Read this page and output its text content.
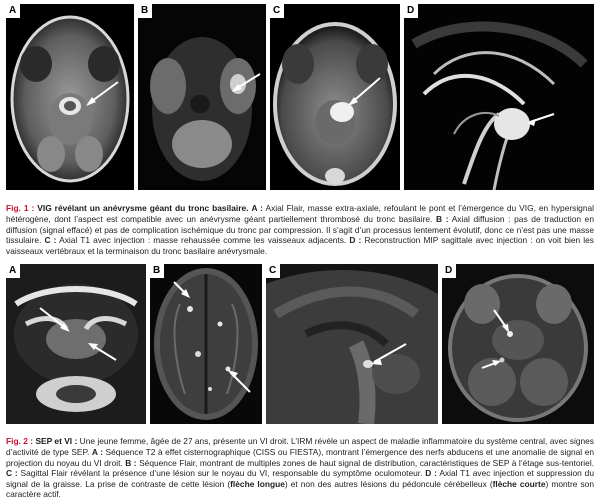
A	B	C	D

Fig. 1 : VIG révélant un anévrysme géant du tronc basilaire. A : Axial Flair, masse extra-axiale, refoulant le pont et l’émergence du VIG, en hypersignal hétérogène, dont l’aspect est compatible avec un anévrysme géant partiellement thrombosé du tronc basilaire. B : Axial diffusion : pas de traduction en diffusion (signal effacé) et pas de complication ischémique du tronc par compression. Il s’agit d’un processus lentement évolutif, donc ce n’est pas une masse tissulaire. C : Axial T1 avec injection : masse rehaussée comme les vaisseaux adjacents. D : Reconstruction MIP sagittale avec injection : on voit bien les vaisseaux vertébraux et la terminaison du tronc basilaire anévrysmale.

A	B	C	D

Fig. 2 : SEP et VI : Une jeune femme, âgée de 27 ans, présente un VI droit. L’IRM révèle un aspect de maladie inflammatoire du système central, avec signes d’activité de type SEP. A : Séquence T2 à effet cisternographique (CISS ou FIESTA), montrant l’émergence des nerfs abducens et une anomalie de signal en projection du noyau du VI droit. B : Séquence Flair, montrant de multiples zones de haut signal de distribution, caractéristiques de SEP à l’étage sus-tentoriel. C : Sagittal Flair révélant la présence d’une lésion sur le noyau du VI, responsable du symptôme oculomoteur. D : Axial T1 avec injection et suppression du signal de la graisse. La prise de contraste de cette lésion (flèche longue) et non des autres lésions du pédoncule cérébelleux (flèche courte) montre son caractère actif.
